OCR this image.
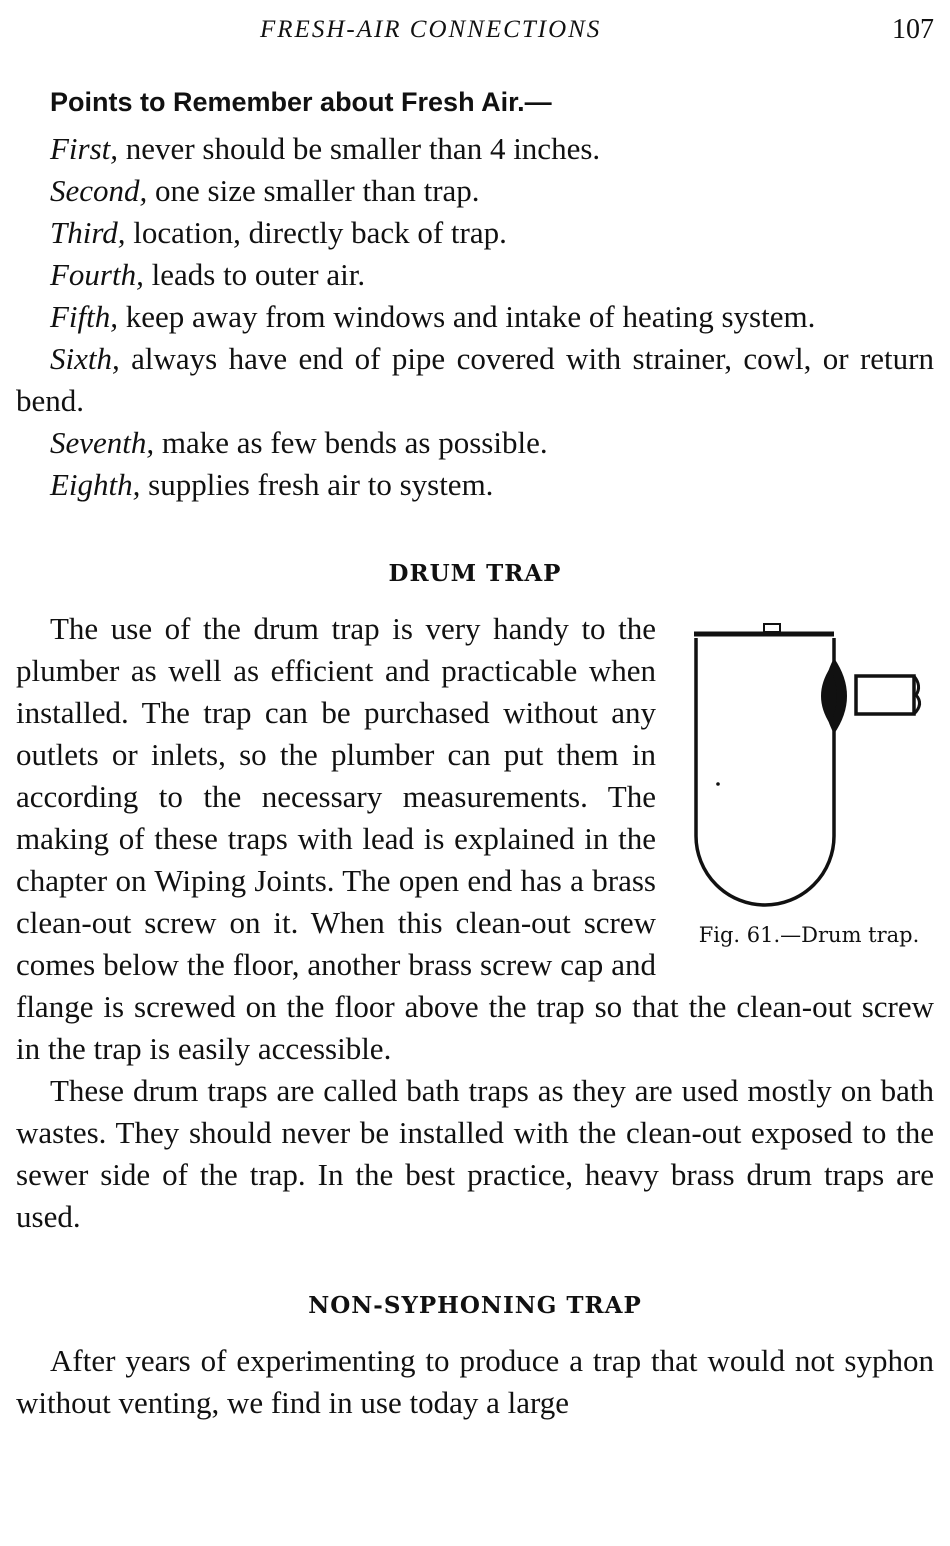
FRESH-AIR CONNECTIONS	107
Points to Remember about Fresh Air.—

First, never should be smaller than 4 inches.

Second, one size smaller than trap.

Third, location, directly back of trap.

Fourth, leads to outer air.

Fifth, keep away from windows and intake of heating system.

Sixth, always have end of pipe covered with strainer, cowl, or return bend.

Seventh, make as few bends as possible.

Eighth, supplies fresh air to system.

DRUM TRAP
Fig. 61.—Drum trap.

The use of the drum trap is very handy to the plumber as well as efficient and practicable when installed. The trap can be purchased without any outlets or inlets, so the plumber can put them in according to the necessary measurements. The making of these traps with lead is explained in the chapter on Wiping Joints. The open end has a brass clean-out screw on it. When this clean-out screw comes below the floor, another brass screw cap and flange is screwed on the floor above the trap so that the clean-out screw in the trap is easily accessible.

These drum traps are called bath traps as they are used mostly on bath wastes. They should never be installed with the clean-out exposed to the sewer side of the trap. In the best practice, heavy brass drum traps are used.

NON-SYPHONING TRAP

After years of experimenting to produce a trap that would not syphon without venting, we find in use today a large
